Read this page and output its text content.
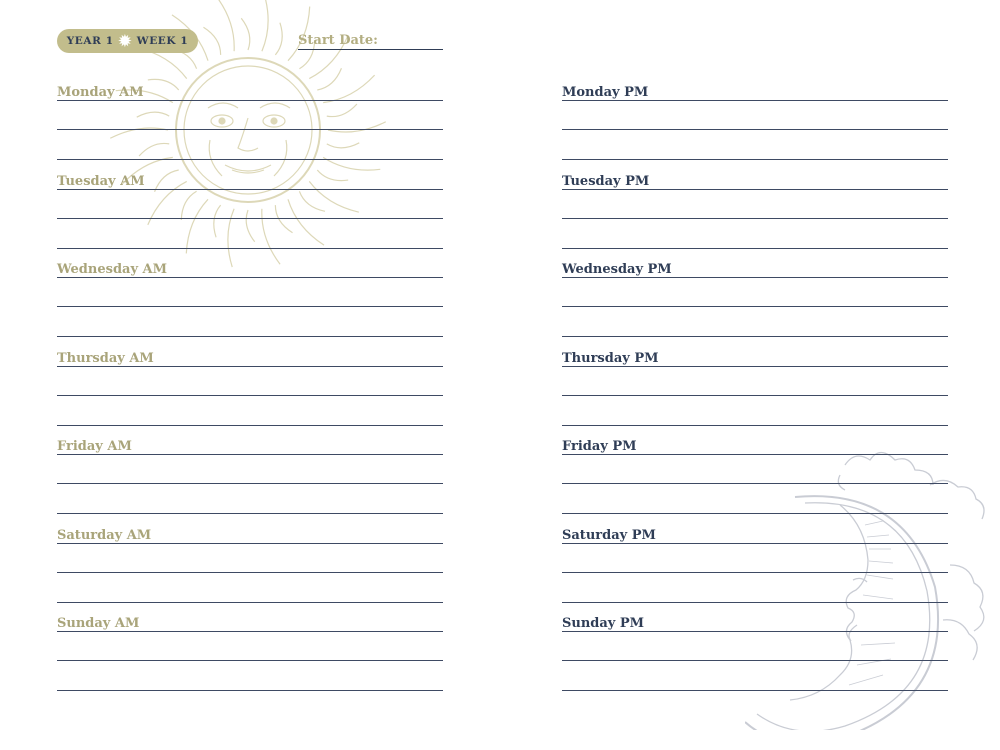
YEAR 1 ✹ WEEK 1	Start Date:
Monday AM
Tuesday AM
Wednesday AM
Thursday AM
Friday AM
Saturday AM
Sunday AM
Monday PM
Tuesday PM
Wednesday PM
Thursday PM
Friday PM
Saturday PM
Sunday PM
